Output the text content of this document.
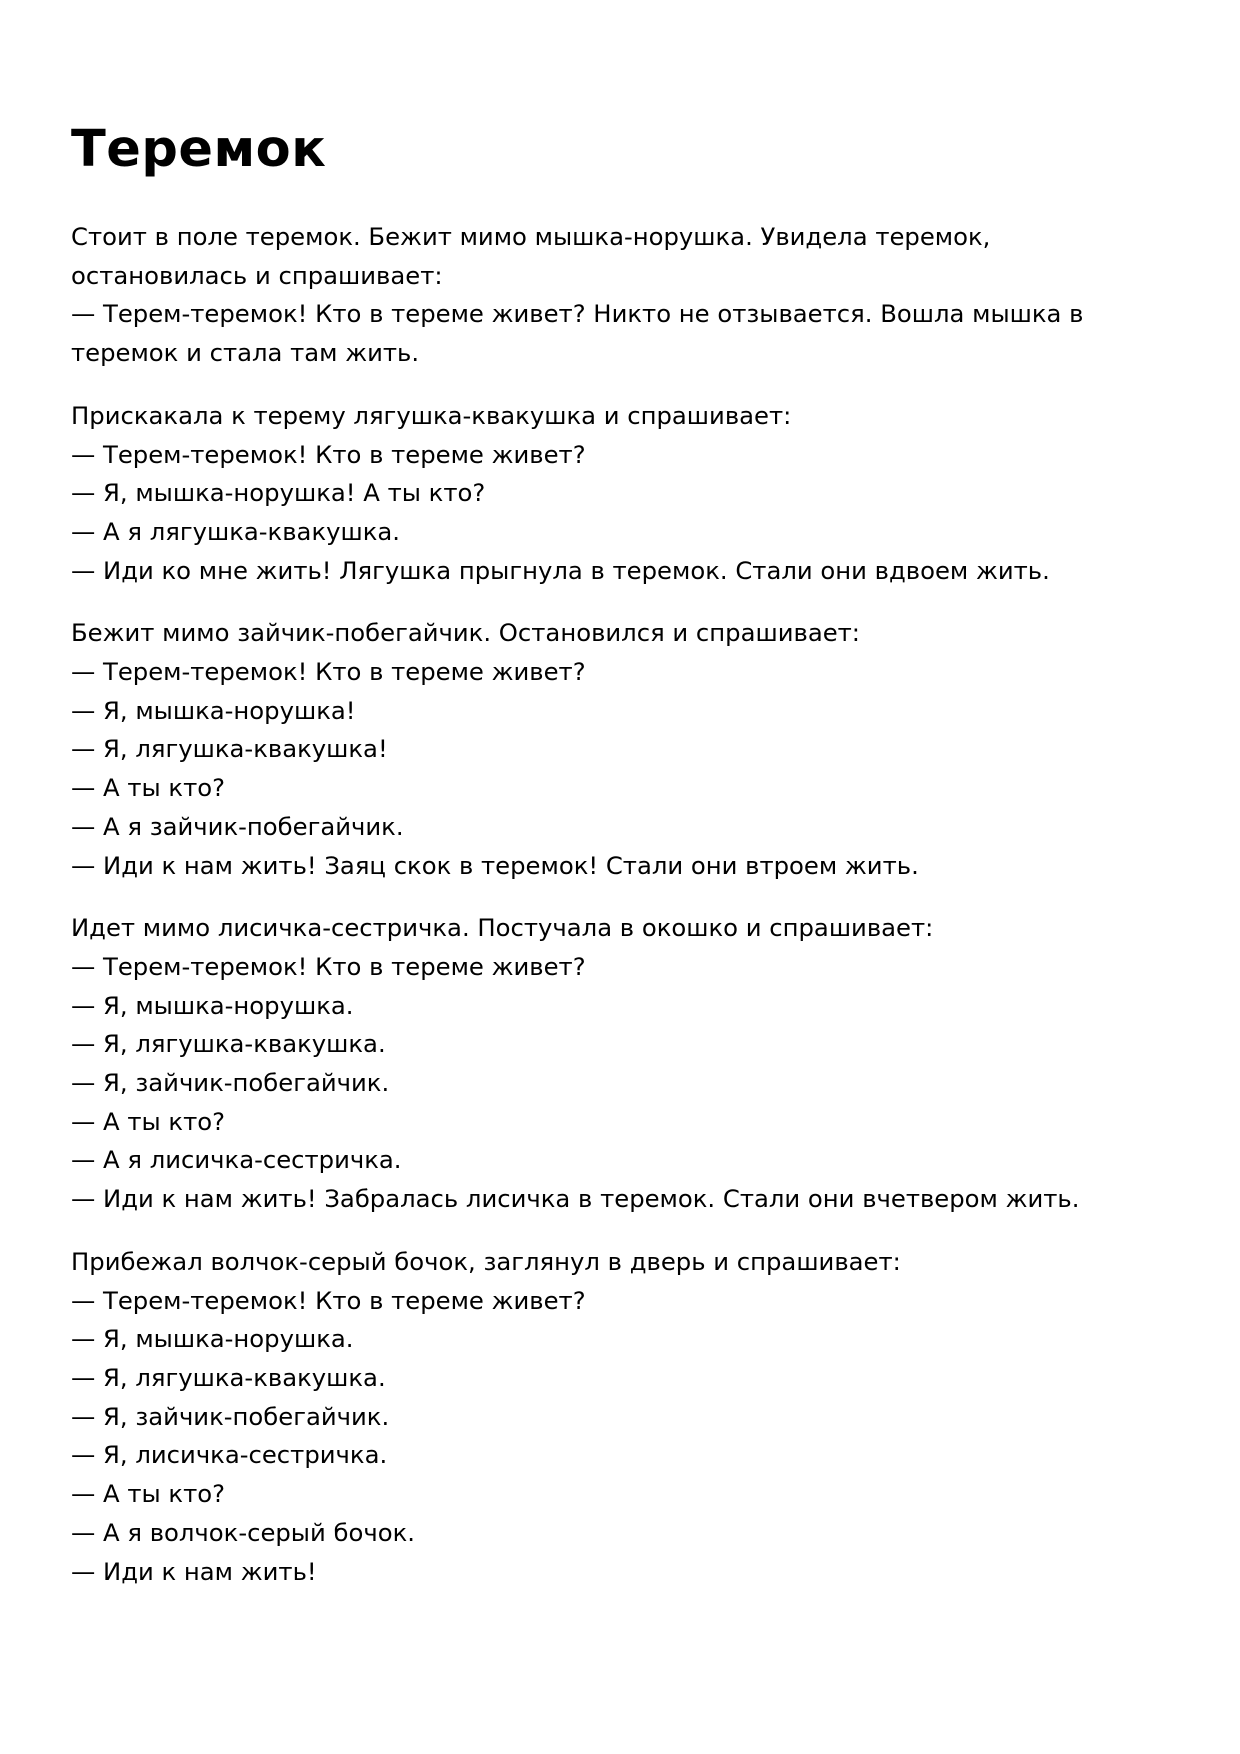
Теремок
Стоит в поле теремок. Бежит мимо мышка-норушка. Увидела теремок,
остановилась и спрашивает:
— Терем-теремок! Кто в тереме живет? Никто не отзывается. Вошла мышка в
теремок и стала там жить.
Прискакала к терему лягушка-квакушка и спрашивает:
— Терем-теремок! Кто в тереме живет?
— Я, мышка-норушка! А ты кто?
— А я лягушка-квакушка.
— Иди ко мне жить! Лягушка прыгнула в теремок. Стали они вдвоем жить.
Бежит мимо зайчик-побегайчик. Остановился и спрашивает:
— Терем-теремок! Кто в тереме живет?
— Я, мышка-норушка!
— Я, лягушка-квакушка!
— А ты кто?
— А я зайчик-побегайчик.
— Иди к нам жить! Заяц скок в теремок! Стали они втроем жить.
Идет мимо лисичка-сестричка. Постучала в окошко и спрашивает:
— Терем-теремок! Кто в тереме живет?
— Я, мышка-норушка.
— Я, лягушка-квакушка.
— Я, зайчик-побегайчик.
— А ты кто?
— А я лисичка-сестричка.
— Иди к нам жить! Забралась лисичка в теремок. Стали они вчетвером жить.
Прибежал волчок-серый бочок, заглянул в дверь и спрашивает:
— Терем-теремок! Кто в тереме живет?
— Я, мышка-норушка.
— Я, лягушка-квакушка.
— Я, зайчик-побегайчик.
— Я, лисичка-сестричка.
— А ты кто?
— А я волчок-серый бочок.
— Иди к нам жить!
